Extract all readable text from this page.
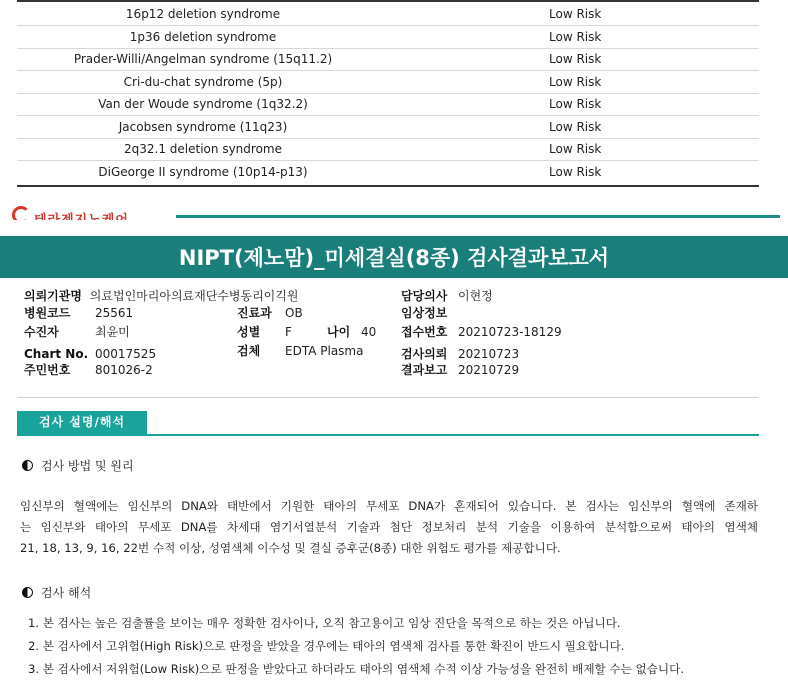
16p12 deletion syndrome	Low Risk
1p36 deletion syndrome	Low Risk
Prader-Willi/Angelman syndrome (15q11.2)	Low Risk
Cri-du-chat syndrome (5p)	Low Risk
Van der Woude syndrome (1q32.2)	Low Risk
Jacobsen syndrome (11q23)	Low Risk
2q32.1 deletion syndrome	Low Risk
DiGeorge II syndrome (10p14-p13)	Low Risk
NIPT(제노맘)_미세결실(8종) 검사결과보고서
의뢰기관명 의료법인마리아의료재단수병동리이긱원
병원코드 25561
수진자	최윤미
Chart No. 00017525
주민번호 801026-2
진료과 OB
성별 F	나이 40
검체 EDTA Plasma
담당의사 이현정
임상정보
접수번호 20210723-18129
검사의뢰 20210723
결과보고 20210729
검사 설명/해석
검사 방법 및 원리
임신부의 혈액에는 임신부의 DNA와 태반에서 기원한 태아의 무세포 DNA가 혼재되어 있습니다. 본 검사는 임신부의 혈액에 존재하
는 임신부와 태아의 무세포 DNA를 차세대 염기서열분석 기술과 첨단 정보처리 분석 기술을 이용하여 분석함으로써 태아의 염색체
21, 18, 13, 9, 16, 22번 수적 이상, 성염색체 이수성 및 결실 증후군(8종) 대한 위험도 평가를 제공합니다.
검사 해석
1. 본 검사는 높은 검출률을 보이는 매우 정확한 검사이나, 오직 참고용이고 임상 진단을 목적으로 하는 것은 아닙니다.
2. 본 검사에서 고위험(High Risk)으로 판정을 받았을 경우에는 태아의 염색체 검사를 통한 확진이 반드시 필요합니다.
3. 본 검사에서 저위험(Low Risk)으로 판정을 받았다고 하더라도 태아의 염색체 수적 이상 가능성을 완전히 배제할 수는 없습니다.
